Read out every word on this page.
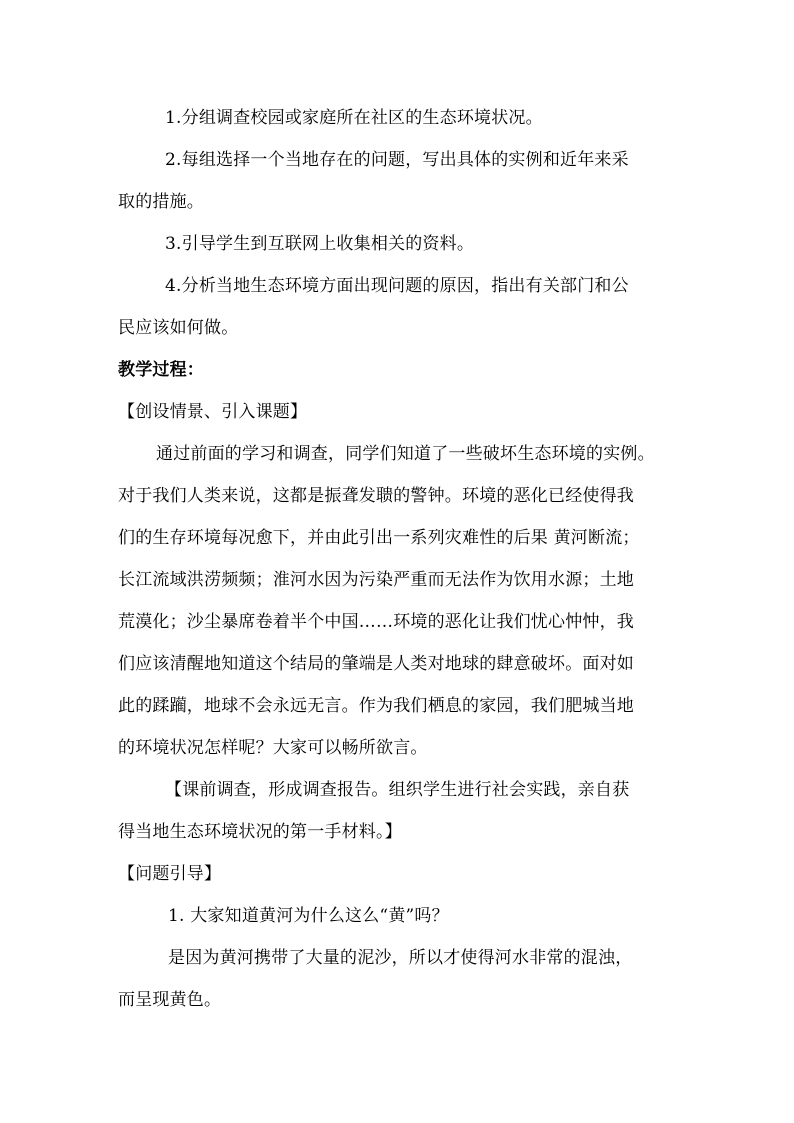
1.分组调查校园或家庭所在社区的生态环境状况。
2.每组选择一个当地存在的问题，写出具体的实例和近年来采
取的措施。
3.引导学生到互联网上收集相关的资料。
4.分析当地生态环境方面出现问题的原因，指出有关部门和公
民应该如何做。
教学过程：
【创设情景、引入课题】
通过前面的学习和调查，同学们知道了一些破坏生态环境的实例。
对于我们人类来说，这都是振聋发聩的警钟。环境的恶化已经使得我
们的生存环境每况愈下，并由此引出一系列灾难性的后果 黄河断流；
长江流域洪涝频频；淮河水因为污染严重而无法作为饮用水源；土地
荒漠化；沙尘暴席卷着半个中国……环境的恶化让我们忧心忡忡，我
们应该清醒地知道这个结局的肇端是人类对地球的肆意破坏。面对如
此的蹂躏，地球不会永远无言。作为我们栖息的家园，我们肥城当地
的环境状况怎样呢？大家可以畅所欲言。
【课前调查，形成调查报告。组织学生进行社会实践，亲自获
得当地生态环境状况的第一手材料。】
【问题引导】
1. 大家知道黄河为什么这么“黄”吗？
是因为黄河携带了大量的泥沙，所以才使得河水非常的混浊，
而呈现黄色。
